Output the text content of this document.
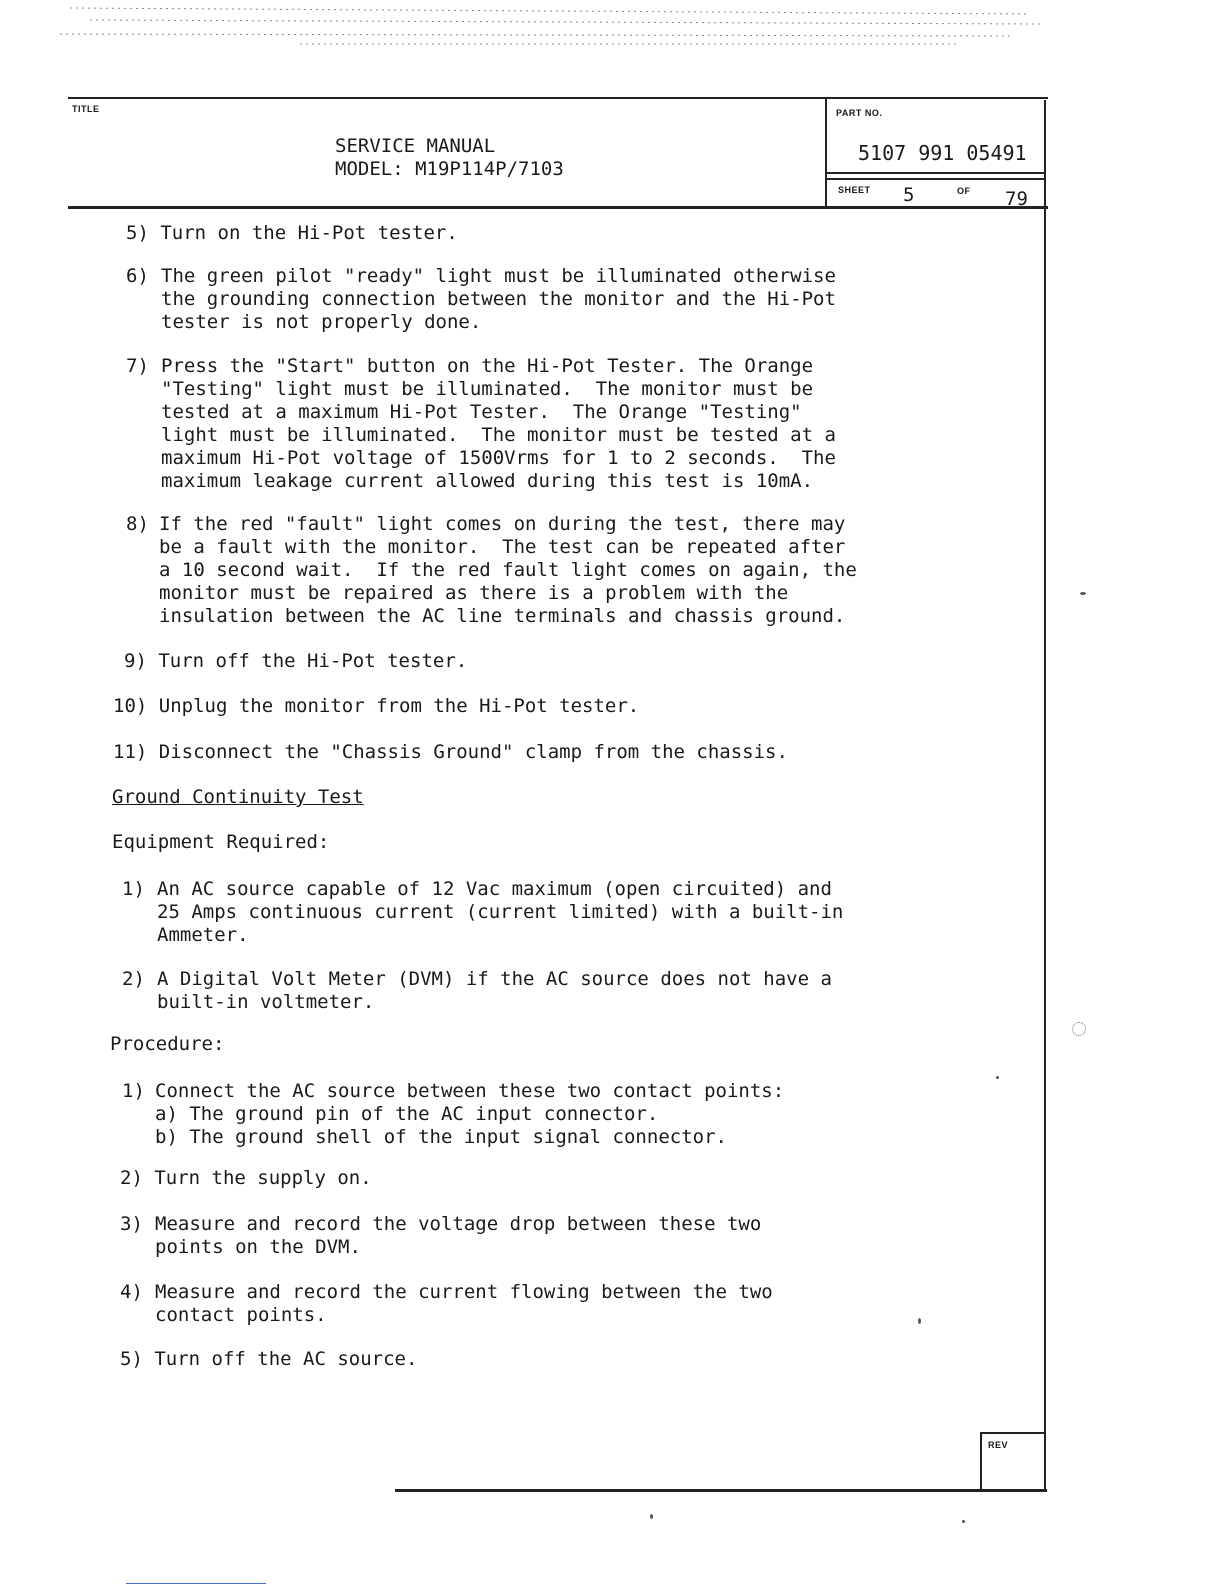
TITLE
SERVICE MANUAL
MODEL: M19P114P/7103
PART NO.
5107 991 05491
SHEET 5	OF 79
5) Turn on the Hi-Pot tester.
6) The green pilot "ready" light must be illuminated otherwise
the grounding connection between the monitor and the Hi-Pot
tester is not properly done.
7) Press the "Start" button on the Hi-Pot Tester. The Orange
"Testing" light must be illuminated.  The monitor must be
tested at a maximum Hi-Pot Tester.  The Orange "Testing"
light must be illuminated.  The monitor must be tested at a
maximum Hi-Pot voltage of 1500Vrms for 1 to 2 seconds.  The
maximum leakage current allowed during this test is 10mA.
8) If the red "fault" light comes on during the test, there may
be a fault with the monitor.  The test can be repeated after
a 10 second wait.  If the red fault light comes on again, the
monitor must be repaired as there is a problem with the
insulation between the AC line terminals and chassis ground.
9) Turn off the Hi-Pot tester.
10) Unplug the monitor from the Hi-Pot tester.
11) Disconnect the "Chassis Ground" clamp from the chassis.
Ground Continuity Test
Equipment Required:
1) An AC source capable of 12 Vac maximum (open circuited) and
25 Amps continuous current (current limited) with a built-in
Ammeter.
2) A Digital Volt Meter (DVM) if the AC source does not have a
built-in voltmeter.
Procedure:
1) Connect the AC source between these two contact points:
a) The ground pin of the AC input connector.
b) The ground shell of the input signal connector.
2) Turn the supply on.
3) Measure and record the voltage drop between these two
points on the DVM.
4) Measure and record the current flowing between the two
contact points.
5) Turn off the AC source.
REV
